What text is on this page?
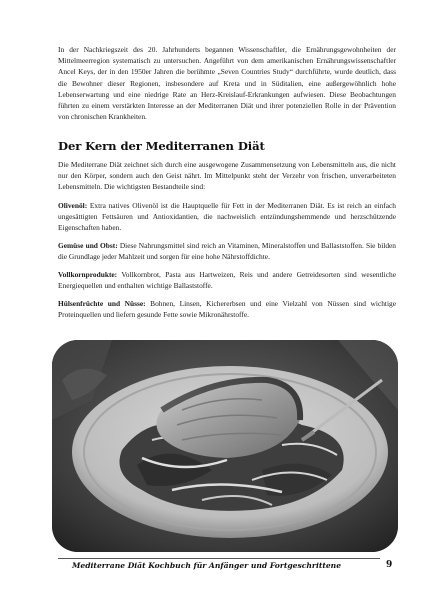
In der Nachkriegszeit des 20. Jahrhunderts begannen Wissenschaftler, die Ernährungsgewohnheiten der Mittelmeerregion systematisch zu untersuchen. Angeführt von dem amerikanischen Ernährungswissenschaftler Ancel Keys, der in den 1950er Jahren die berühmte „Seven Countries Study“ durchführte, wurde deutlich, dass die Bewohner dieser Regionen, insbesondere auf Kreta und in Süditalien, eine außergewöhnlich hohe Lebenserwartung und eine niedrige Rate an Herz-Kreislauf-Erkrankungen aufwiesen. Diese Beobachtungen führten zu einem verstärkten Interesse an der Mediterranen Diät und ihrer potenziellen Rolle in der Prävention von chronischen Krankheiten.

Der Kern der Mediterranen Diät

Die Mediterrane Diät zeichnet sich durch eine ausgewogene Zusammensetzung von Lebensmitteln aus, die nicht nur den Körper, sondern auch den Geist nährt. Im Mittelpunkt steht der Verzehr von frischen, unverarbeiteten Lebensmitteln. Die wichtigsten Bestandteile sind:

Olivenöl: Extra natives Olivenöl ist die Hauptquelle für Fett in der Mediterranen Diät. Es ist reich an einfach ungesättigten Fettsäuren und Antioxidantien, die nachweislich entzündungshemmende und herzschützende Eigenschaften haben.

Gemüse und Obst: Diese Nahrungsmittel sind reich an Vitaminen, Mineralstoffen und Ballaststoffen. Sie bilden die Grundlage jeder Mahlzeit und sorgen für eine hohe Nährstoffdichte.

Vollkornprodukte: Vollkornbrot, Pasta aus Hartweizen, Reis und andere Getreidesorten sind wesentliche Energiequellen und enthalten wichtige Ballaststoffe.

Hülsenfrüchte und Nüsse: Bohnen, Linsen, Kichererbsen und eine Vielzahl von Nüssen sind wichtige Proteinquellen und liefern gesunde Fette sowie Mikronährstoffe.

Mediterrane Diät Kochbuch für Anfänger und Fortgeschrittene	9
